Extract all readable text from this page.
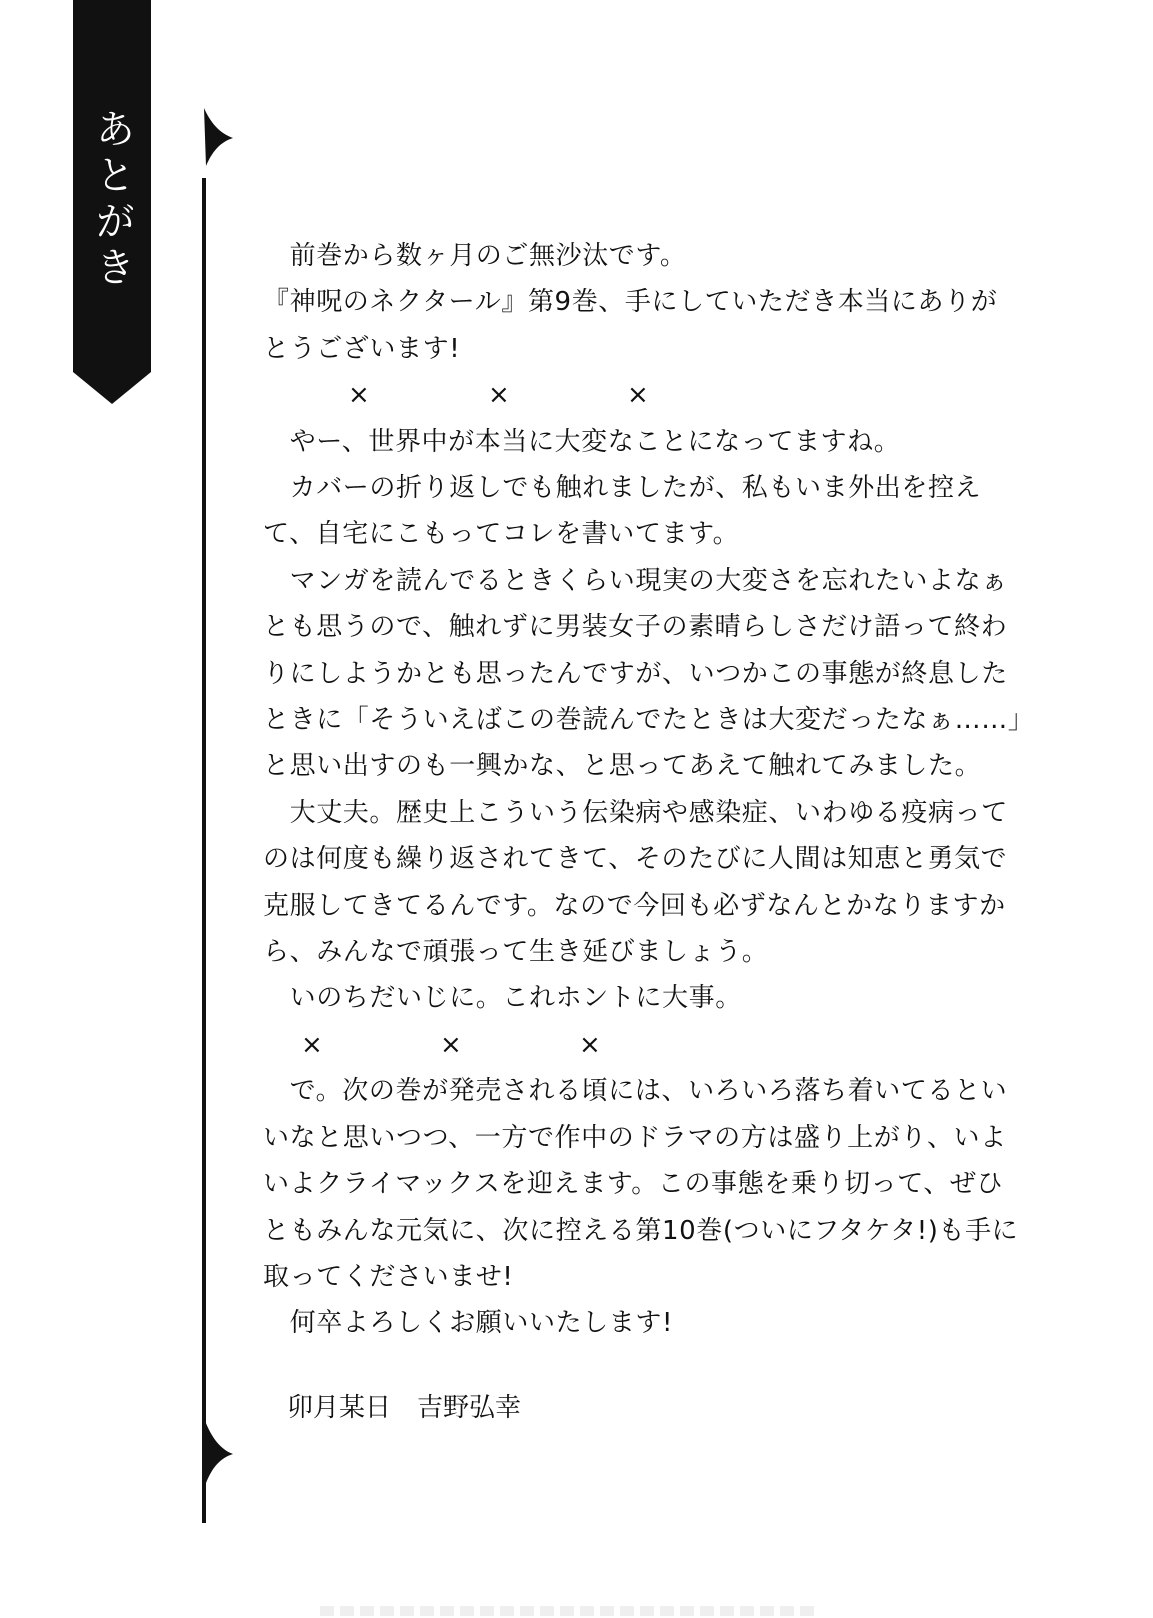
あとがき	　前巻から数ヶ月のご無沙汰です。
『神呪のネクタール』第9巻、手にしていただき本当にありがとうございます!

×	×	×

　やー、世界中が本当に大変なことになってますね。

　カバーの折り返しでも触れましたが、私もいま外出を控えて、自宅にこもってコレを書いてます。

　マンガを読んでるときくらい現実の大変さを忘れたいよなぁとも思うので、触れずに男装女子の素晴らしさだけ語って終わりにしようかとも思ったんですが、いつかこの事態が終息したときに「そういえばこの巻読んでたときは大変だったなぁ……」と思い出すのも一興かな、と思ってあえて触れてみました。

　大丈夫。歴史上こういう伝染病や感染症、いわゆる疫病ってのは何度も繰り返されてきて、そのたびに人間は知恵と勇気で克服してきてるんです。なので今回も必ずなんとかなりますから、みんなで頑張って生き延びましょう。

　いのちだいじに。これホントに大事。

×	×	×

　で。次の巻が発売される頃には、いろいろ落ち着いてるといいなと思いつつ、一方で作中のドラマの方は盛り上がり、いよいよクライマックスを迎えます。この事態を乗り切って、ぜひともみんな元気に、次に控える第10巻(ついにフタケタ!)も手に取ってくださいませ!

　何卒よろしくお願いいたします!

卯月某日　 吉野弘幸
